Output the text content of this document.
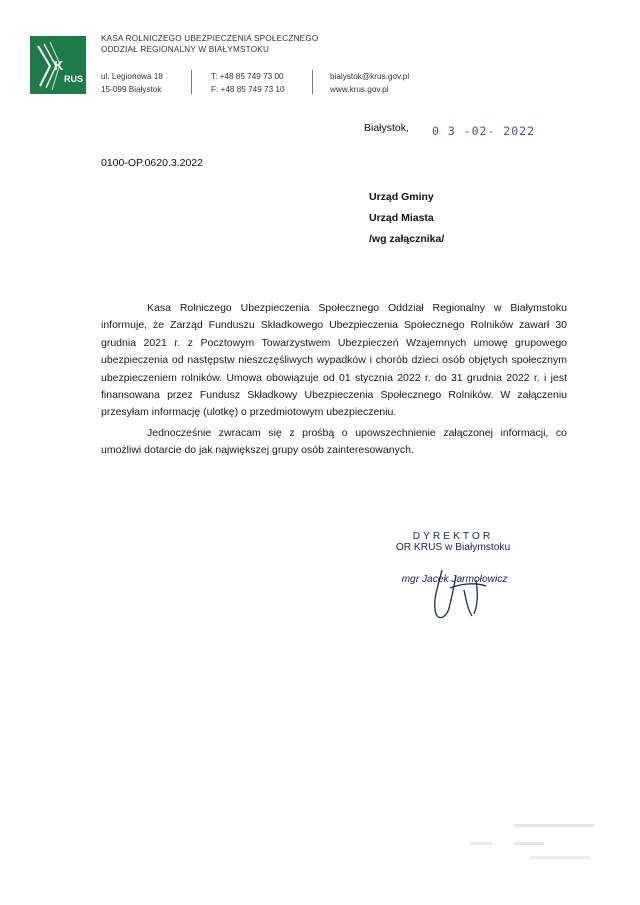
K
RUS
KASA ROLNICZEGO UBEZPIECZENIA SPOŁECZNEGO
ODDZIAŁ REGIONALNY W BIAŁYMSTOKU
ul. Legionowa 18
15-099 Białystok
T: +48 85 749 73 00
F: +48 85 749 73 10
bialystok@krus.gov.pl
www.krus.gov.pl
Białystok, 0 3 -02- 2022
0100-OP.0620.3.2022
Urząd Gminy
Urząd Miasta
/wg załącznika/

Kasa Rolniczego Ubezpieczenia Społecznego Oddział Regionalny w Białymstoku informuje, że Zarząd Funduszu Składkowego Ubezpieczenia Społecznego Rolników zawarł 30 grudnia 2021 r. z Pocztowym Towarzystwem Ubezpieczeń Wzajemnych umowę grupowego ubezpieczenia od następstw nieszczęśliwych wypadków i chorób dzieci osób objętych społecznym ubezpieczeniem rolników. Umowa obowiązuje od 01 stycznia 2022 r. do 31 grudnia 2022 r. i jest finansowana przez Fundusz Składkowy Ubezpieczenia Społecznego Rolników. W załączeniu przesyłam informację (ulotkę) o przedmiotowym ubezpieczeniu.

Jednocześnie zwracam się z prośbą o upowszechnienie załączonej informacji, co umożliwi dotarcie do jak największej grupy osób zainteresowanych.

DYREKTOR
OR KRUS w Białymstoku
mgr Jacek Jarmołowicz
